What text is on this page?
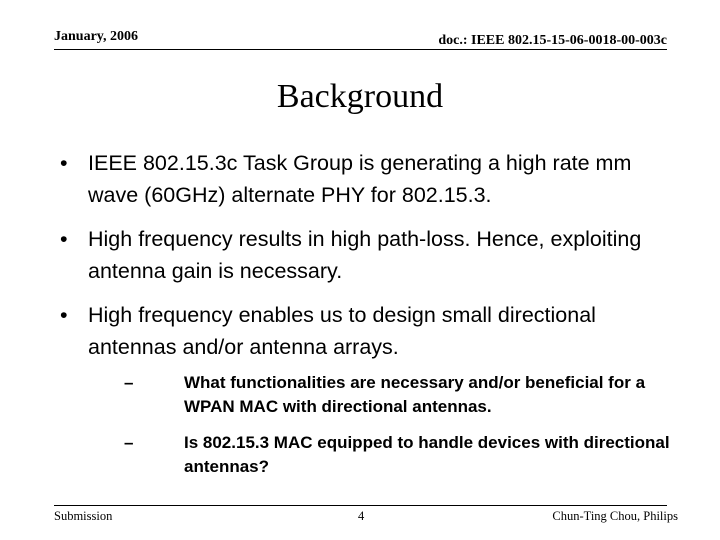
January, 2006	doc.: IEEE 802.15-15-06-0018-00-003c
Background
• IEEE 802.15.3c Task Group is generating a high rate mm wave (60GHz) alternate PHY for 802.15.3.
• High frequency results in high path-loss. Hence, exploiting antenna gain is necessary.
• High frequency enables us to design small directional antennas and/or antenna arrays.
–	What functionalities are necessary and/or beneficial for a WPAN MAC with directional antennas.
–	Is 802.15.3 MAC equipped to handle devices with directional antennas?
Submission	4	Chun-Ting Chou, Philips
